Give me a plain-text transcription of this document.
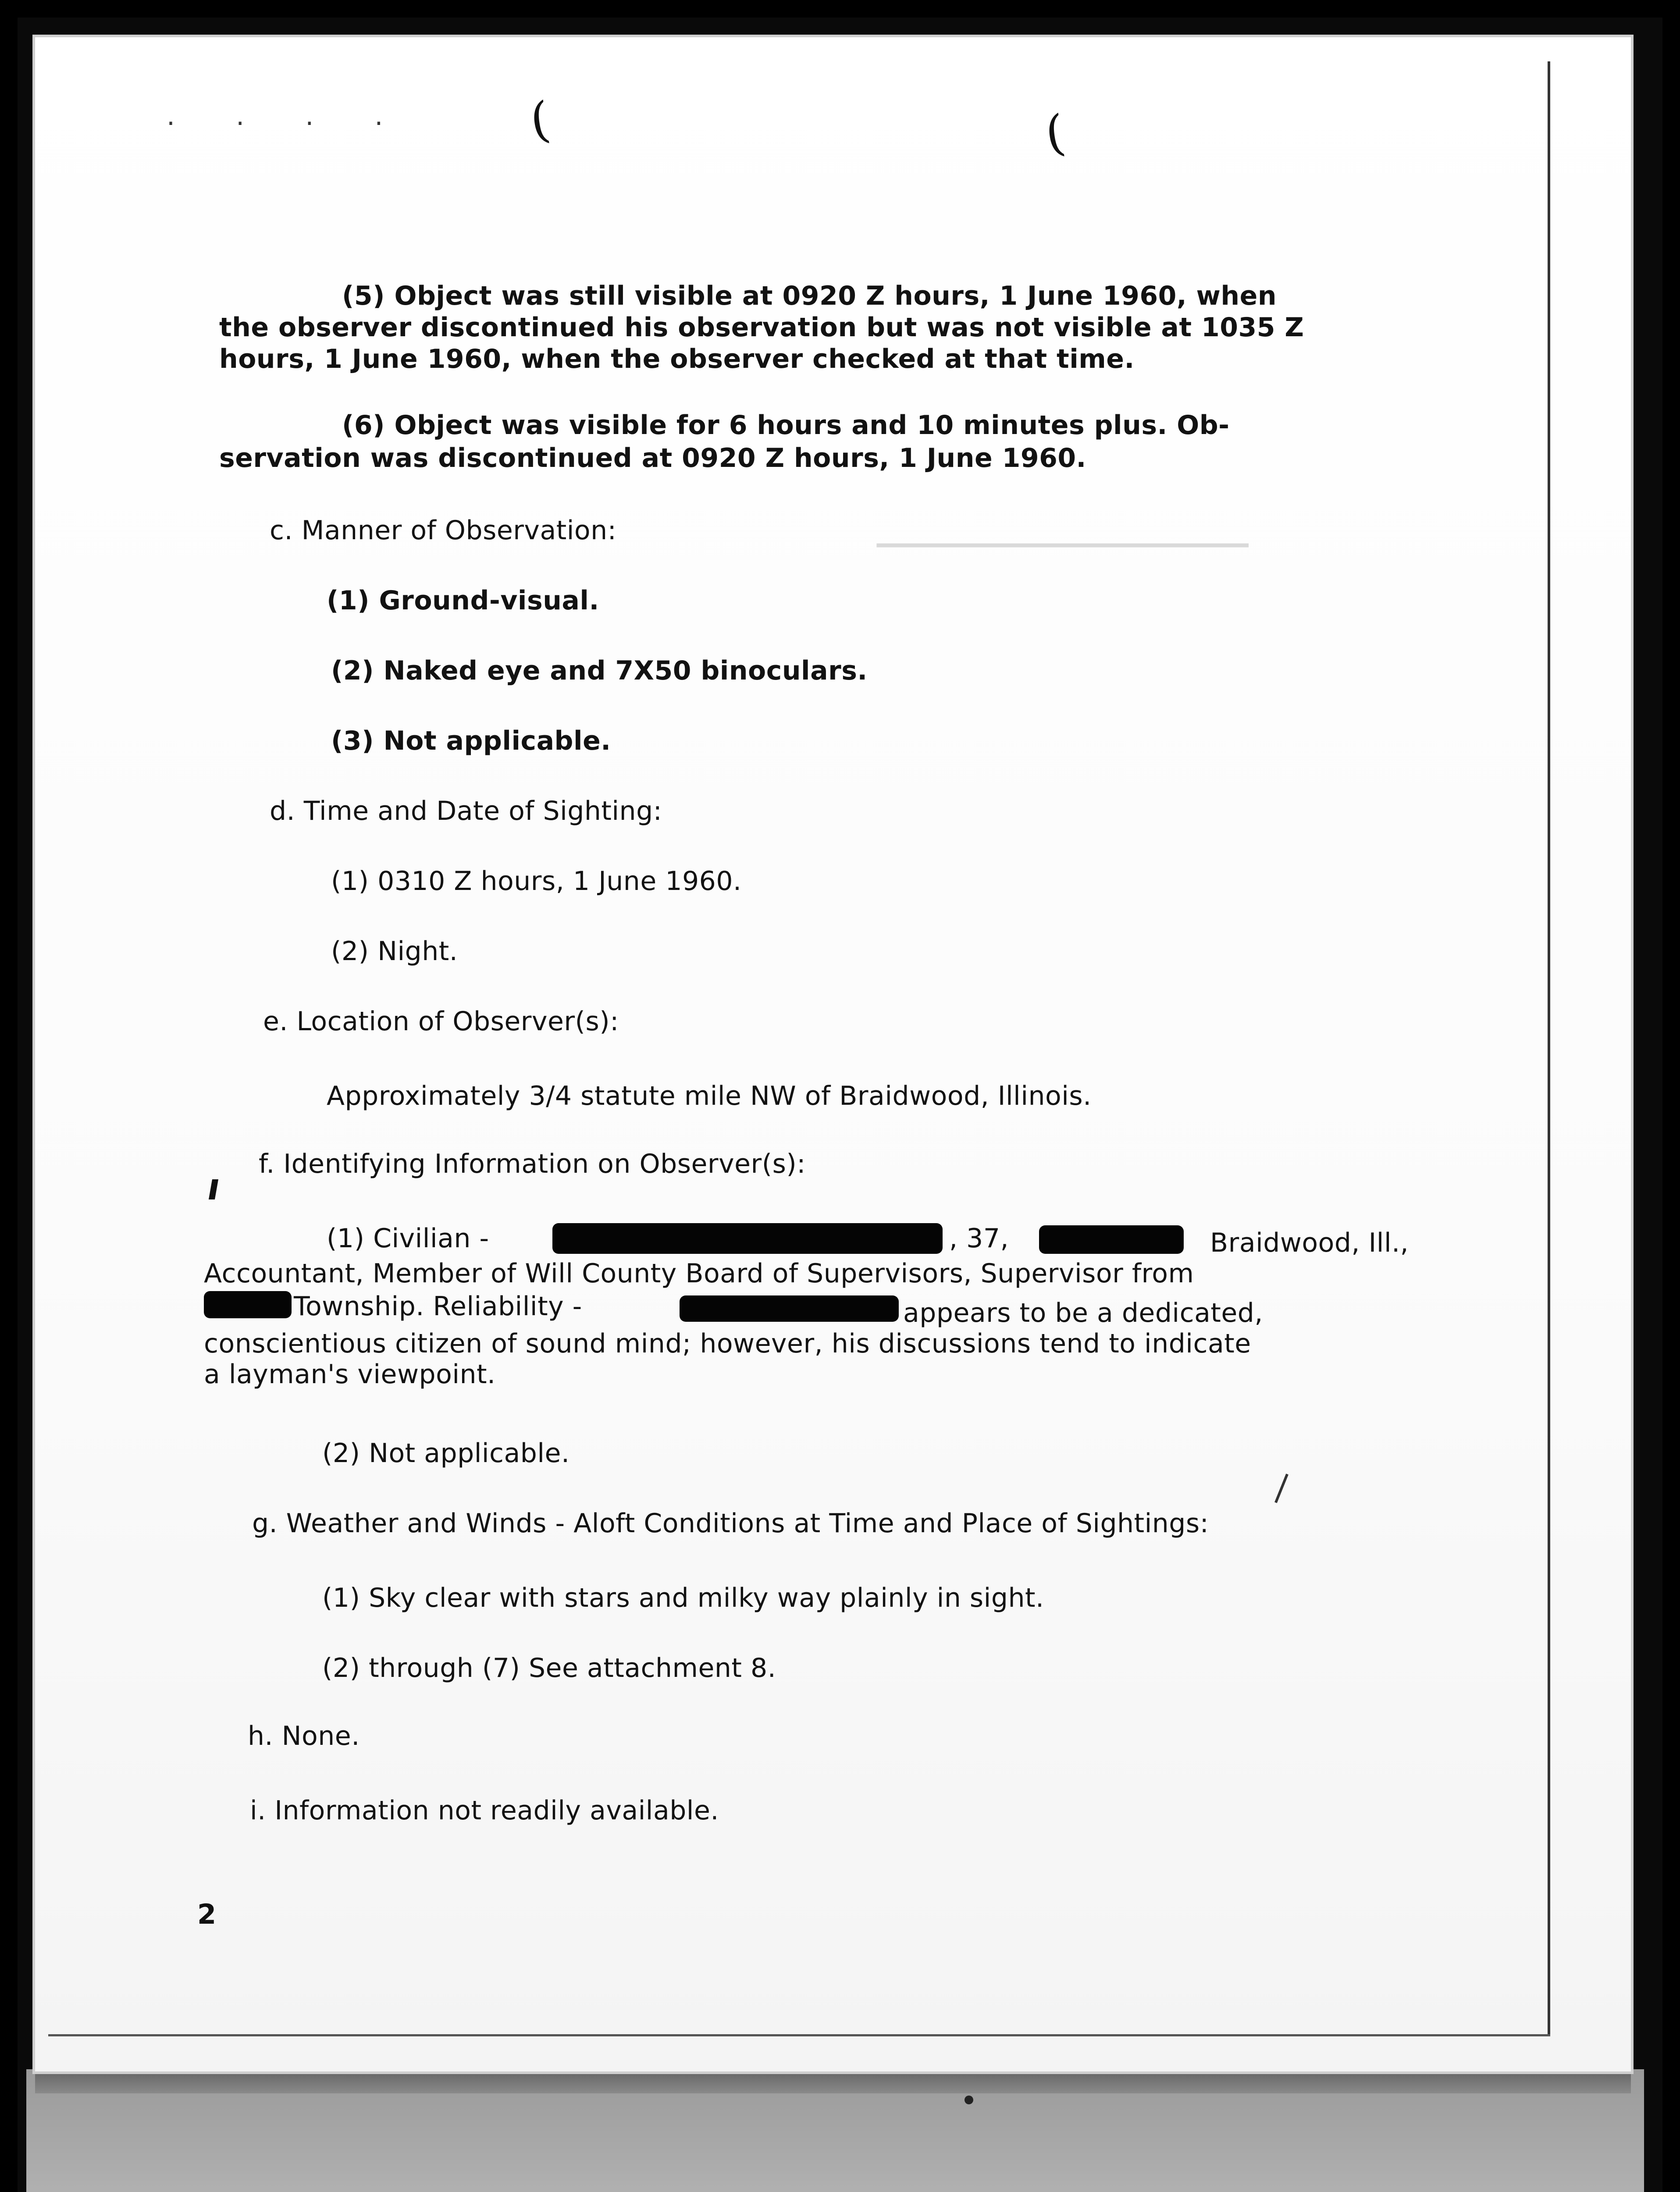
. . . . (	(
▁▁▁▁▁▁▁▁▁▁▁▁▁▁▁▁▁▁▁
(5) Object was still visible at 0920 Z hours, 1 June 1960, when
the observer discontinued his observation but was not visible at 1035 Z
hours, 1 June 1960, when the observer checked at that time.
(6) Object was visible for 6 hours and 10 minutes plus. Ob-
servation was discontinued at 0920 Z hours, 1 June 1960.
c. Manner of Observation:
(1) Ground-visual.
(2) Naked eye and 7X50 binoculars.
(3) Not applicable.
d. Time and Date of Sighting:
(1) 0310 Z hours, 1 June 1960.
(2) Night.
e. Location of Observer(s):
Approximately 3/4 statute mile NW of Braidwood, Illinois.
f. Identifying Information on Observer(s):
(1) Civilian -	, 37,	Braidwood, Ill.,
Accountant, Member of Will County Board of Supervisors, Supervisor from
Township. Reliability -	appears to be a dedicated,
conscientious citizen of sound mind; however, his discussions tend to indicate
a layman's viewpoint.
(2) Not applicable.
g. Weather and Winds - Aloft Conditions at Time and Place of Sightings:
(1) Sky clear with stars and milky way plainly in sight.
(2) through (7) See attachment 8.
h. None.
i. Information not readily available.
2
